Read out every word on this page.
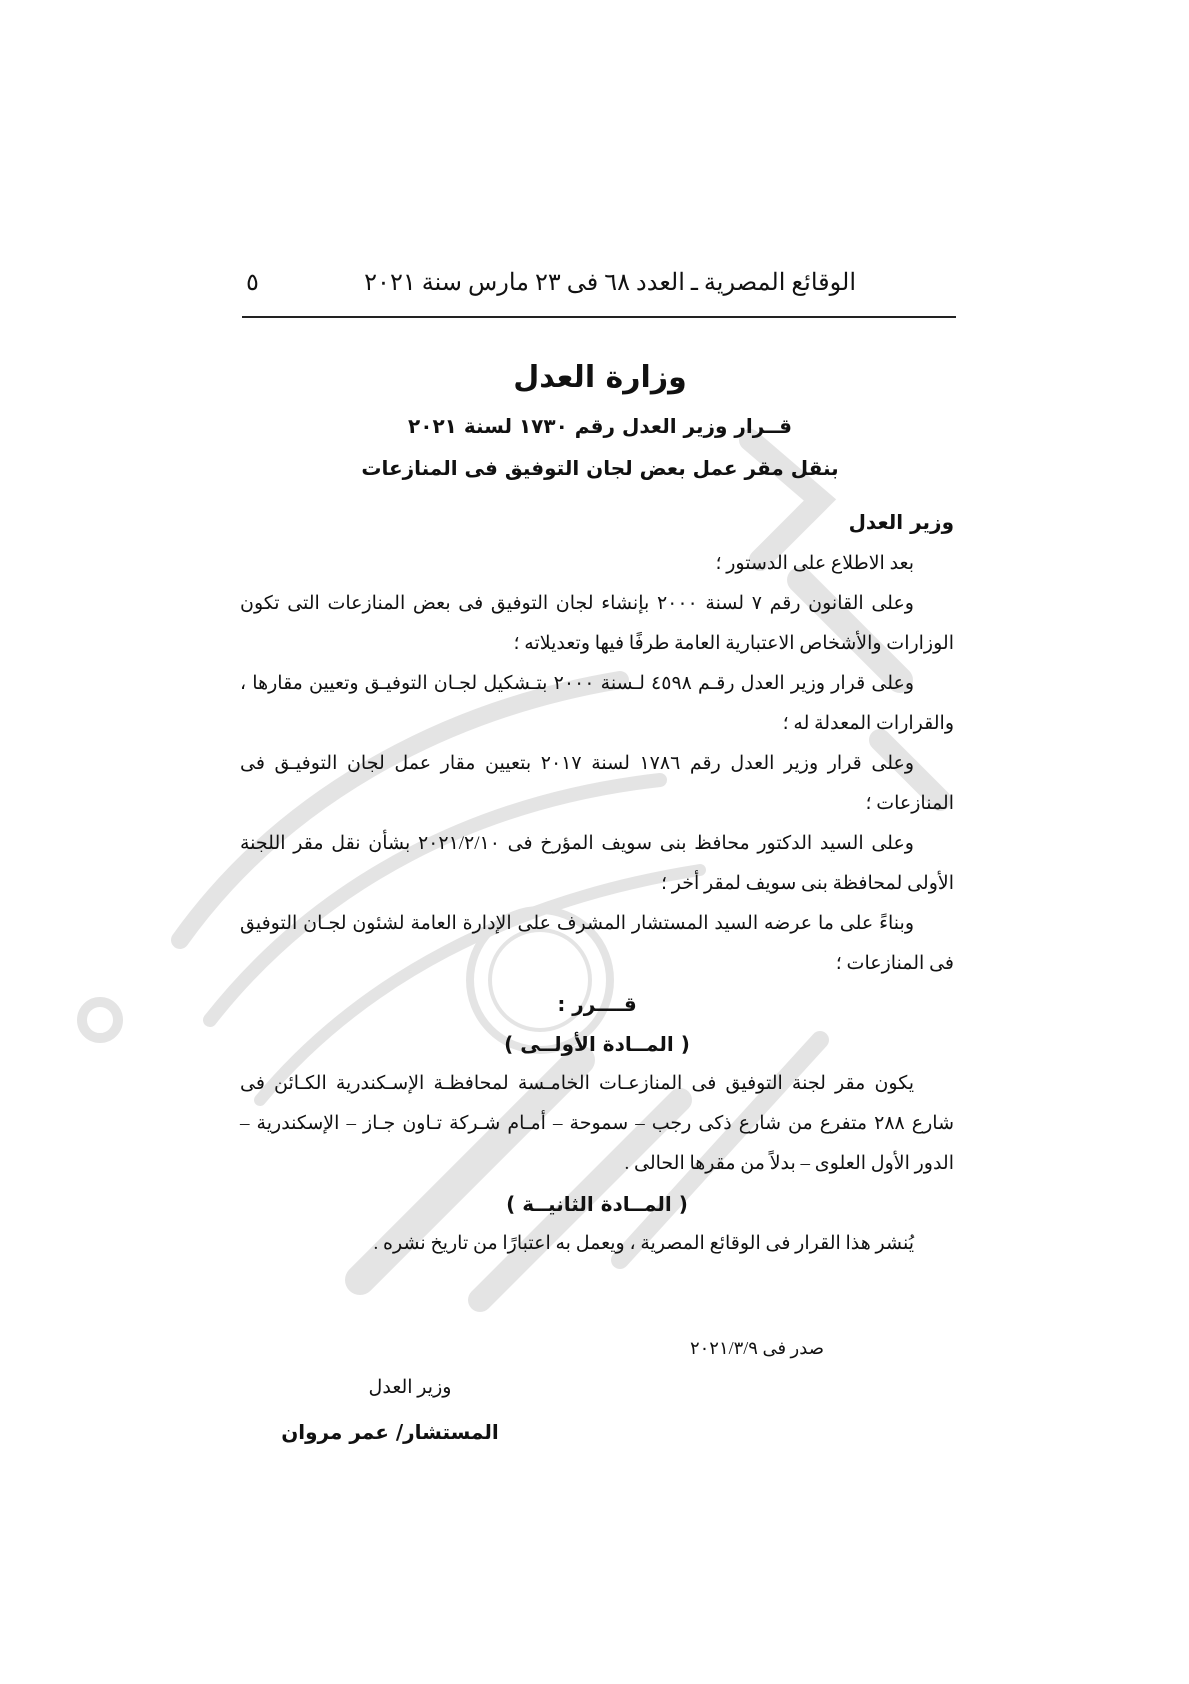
الوقائع المصرية ـ العدد ٦٨ فى ٢٣ مارس سنة ٢٠٢١
٥
وزارة العدل
قــرار وزير العدل رقم ١٧٣٠ لسنة ٢٠٢١
بنقل مقر عمل بعض لجان التوفيق فى المنازعات
وزير العدل

بعد الاطلاع على الدستور ؛

وعلى القانون رقم ٧ لسنة ٢٠٠٠ بإنشاء لجان التوفيق فى بعض المنازعات التى تكون الوزارات والأشخاص الاعتبارية العامة طرفًا فيها وتعديلاته ؛

وعلى قرار وزير العدل رقـم ٤٥٩٨ لـسنة ٢٠٠٠ بتـشكيل لجـان التوفيـق وتعيين مقارها ، والقرارات المعدلة له ؛

وعلى قرار وزير العدل رقم ١٧٨٦ لسنة ٢٠١٧ بتعيين مقار عمل لجان التوفيـق فى المنازعات ؛

وعلى السيد الدكتور محافظ بنى سويف المؤرخ فى ٢٠٢١/٢/١٠ بشأن نقل مقر اللجنة الأولى لمحافظة بنى سويف لمقر أخر ؛

وبناءً على ما عرضه السيد المستشار المشرف على الإدارة العامة لشئون لجـان التوفيق فى المنازعات ؛

قــــرر :
( المــادة الأولــى )

يكون مقر لجنة التوفيق فى المنازعـات الخامـسة لمحافظـة الإسـكندرية الكـائن فى شارع ٢٨٨ متفرع من شارع ذكى رجب – سموحة – أمـام شـركة تـاون جـاز – الإسكندرية – الدور الأول العلوى – بدلاً من مقرها الحالى .

( المــادة الثانيــة )

يُنشر هذا القرار فى الوقائع المصرية ، ويعمل به اعتبارًا من تاريخ نشره .

صدر فى ٢٠٢١/٣/٩
وزير العدل
المستشار/ عمر مروان
